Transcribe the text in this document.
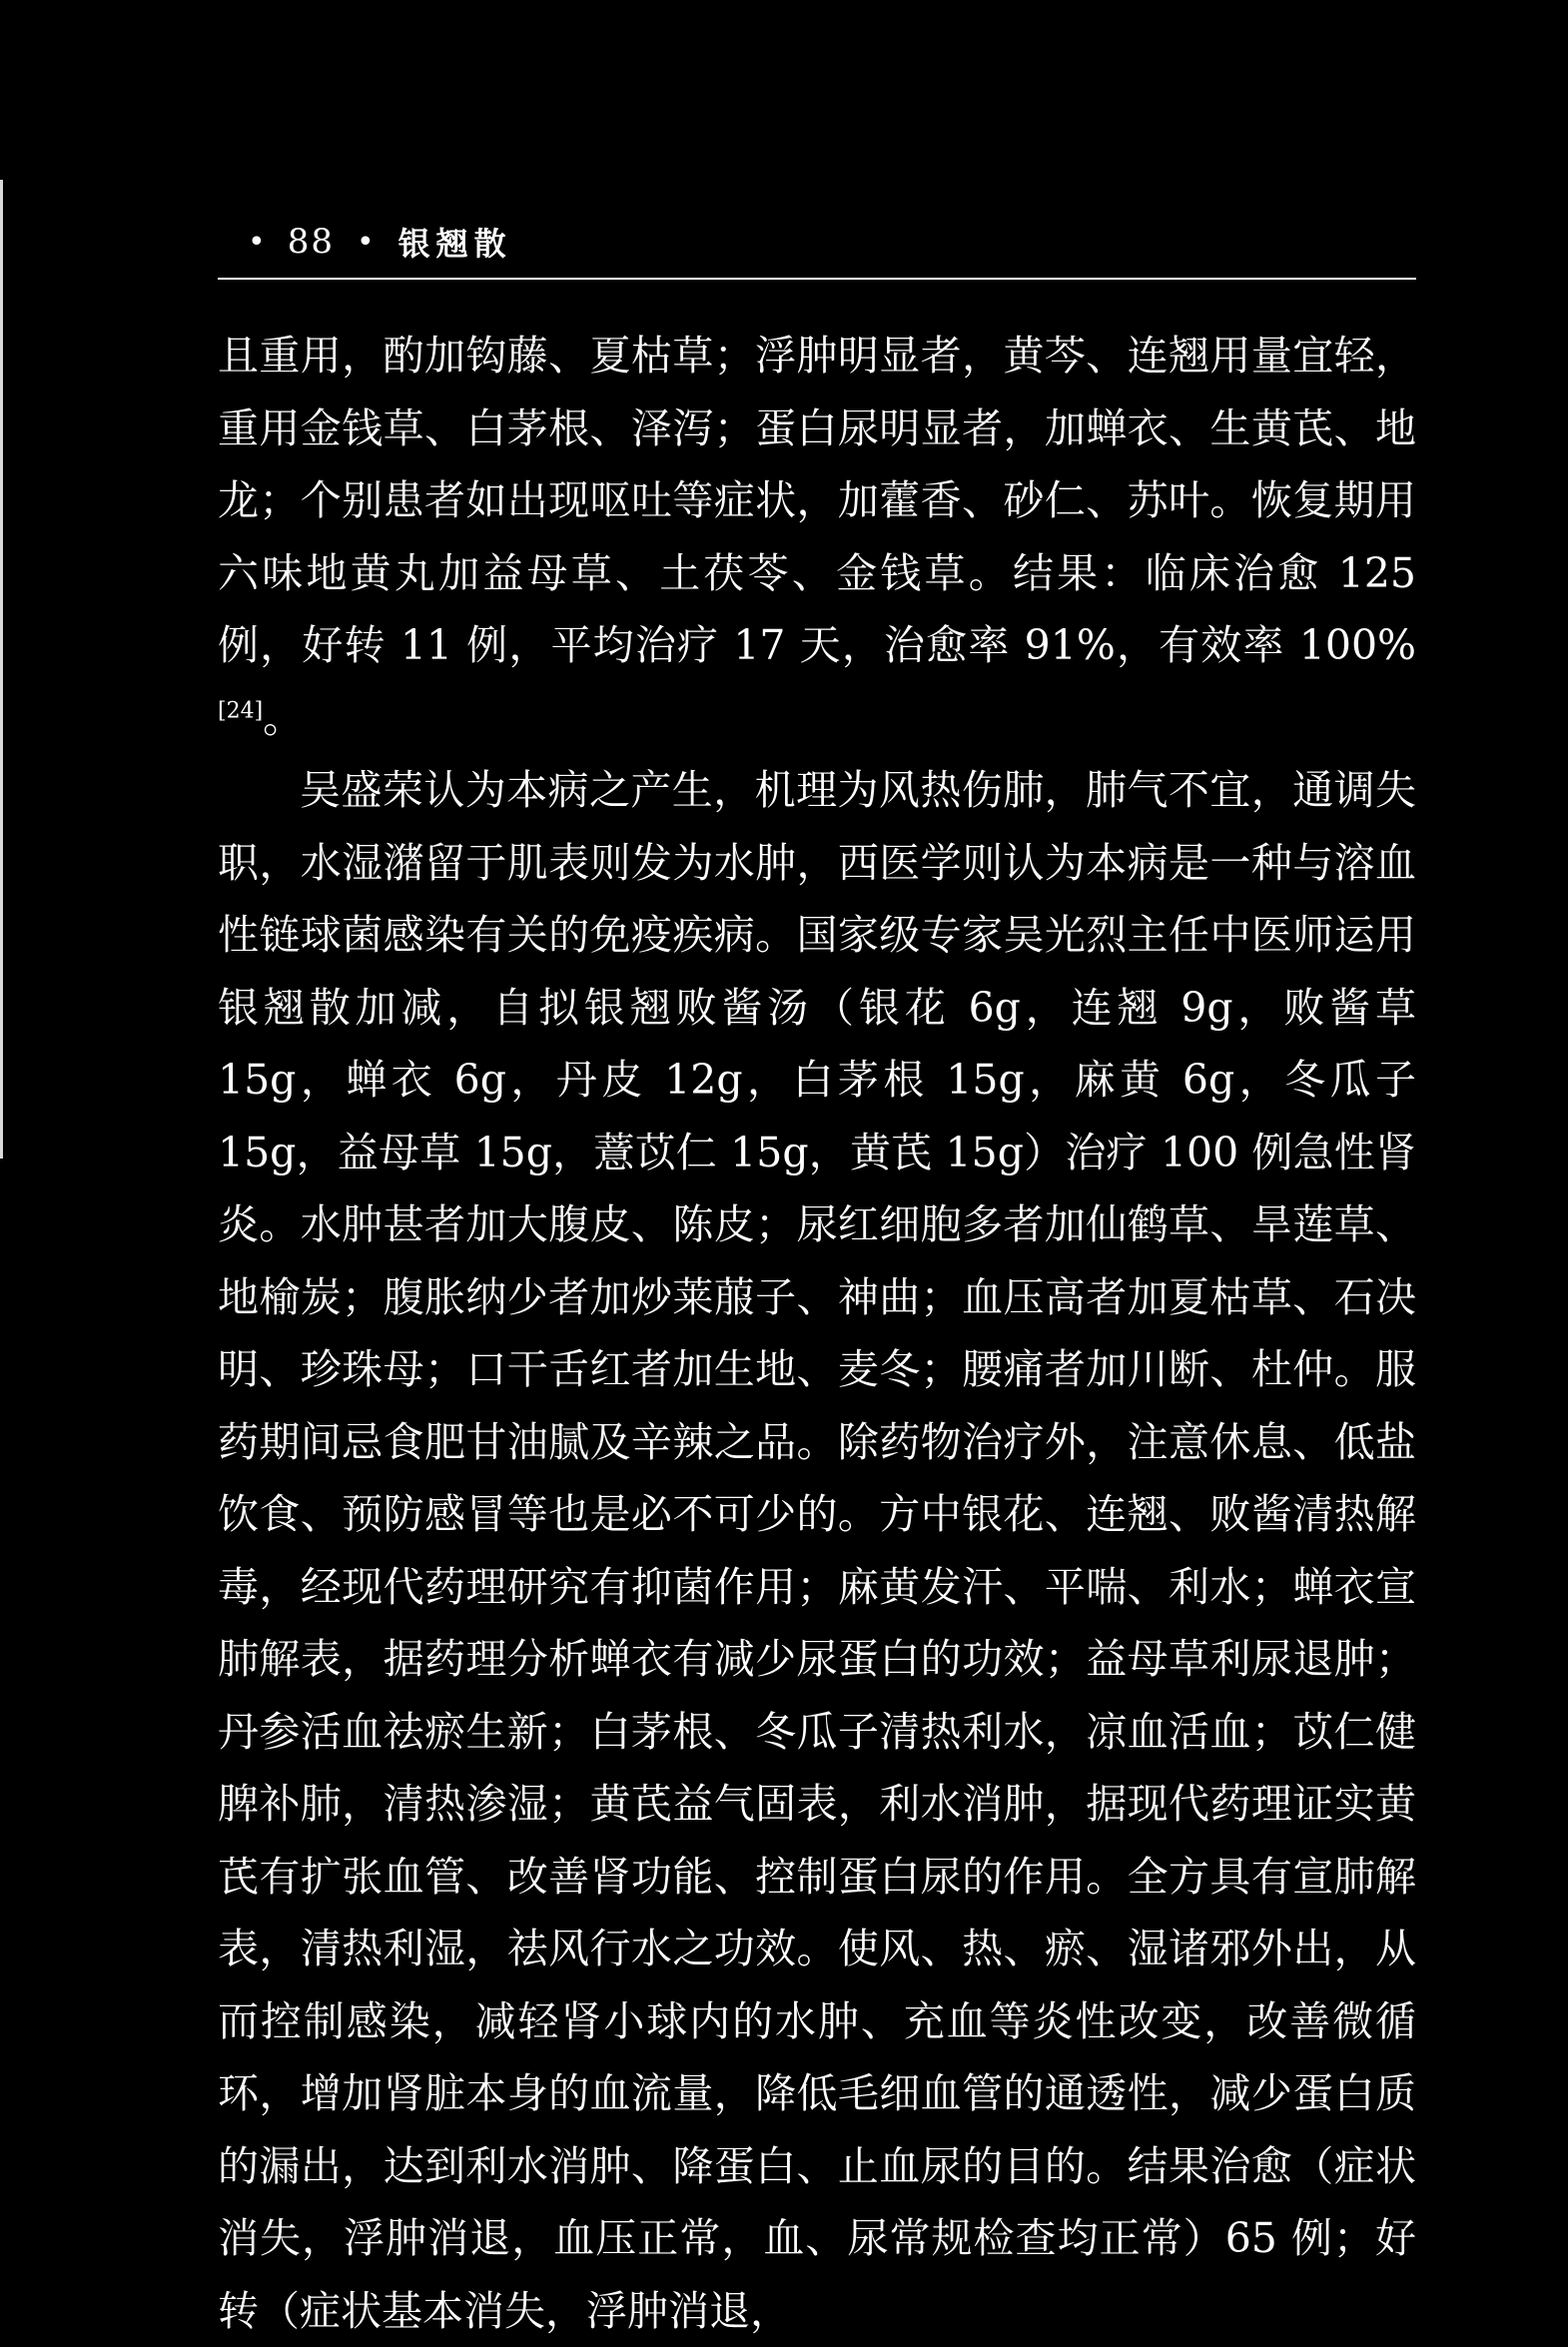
• 88 • 银翘散

且重用，酌加钩藤、夏枯草；浮肿明显者，黄芩、连翘用量宜轻，重用金钱草、白茅根、泽泻；蛋白尿明显者，加蝉衣、生黄芪、地龙；个别患者如出现呕吐等症状，加藿香、砂仁、苏叶。恢复期用六味地黄丸加益母草、土茯苓、金钱草。结果：临床治愈 125 例，好转 11 例，平均治疗 17 天，治愈率 91%，有效率 100%[24]。

吴盛荣认为本病之产生，机理为风热伤肺，肺气不宜，通调失职，水湿潴留于肌表则发为水肿，西医学则认为本病是一种与溶血性链球菌感染有关的免疫疾病。国家级专家吴光烈主任中医师运用银翘散加减，自拟银翘败酱汤（银花 6g，连翘 9g，败酱草 15g，蝉衣 6g，丹皮 12g，白茅根 15g，麻黄 6g，冬瓜子 15g，益母草 15g，薏苡仁 15g，黄芪 15g）治疗 100 例急性肾炎。水肿甚者加大腹皮、陈皮；尿红细胞多者加仙鹤草、旱莲草、地榆炭；腹胀纳少者加炒莱菔子、神曲；血压高者加夏枯草、石决明、珍珠母；口干舌红者加生地、麦冬；腰痛者加川断、杜仲。服药期间忌食肥甘油腻及辛辣之品。除药物治疗外，注意休息、低盐饮食、预防感冒等也是必不可少的。方中银花、连翘、败酱清热解毒，经现代药理研究有抑菌作用；麻黄发汗、平喘、利水；蝉衣宣肺解表，据药理分析蝉衣有减少尿蛋白的功效；益母草利尿退肿；丹参活血祛瘀生新；白茅根、冬瓜子清热利水，凉血活血；苡仁健脾补肺，清热渗湿；黄芪益气固表，利水消肿，据现代药理证实黄芪有扩张血管、改善肾功能、控制蛋白尿的作用。全方具有宣肺解表，清热利湿，祛风行水之功效。使风、热、瘀、湿诸邪外出，从而控制感染，减轻肾小球内的水肿、充血等炎性改变，改善微循环，增加肾脏本身的血流量，降低毛细血管的通透性，减少蛋白质的漏出，达到利水消肿、降蛋白、止血尿的目的。结果治愈（症状消失，浮肿消退，血压正常，血、尿常规检查均正常）65 例；好转（症状基本消失，浮肿消退，
